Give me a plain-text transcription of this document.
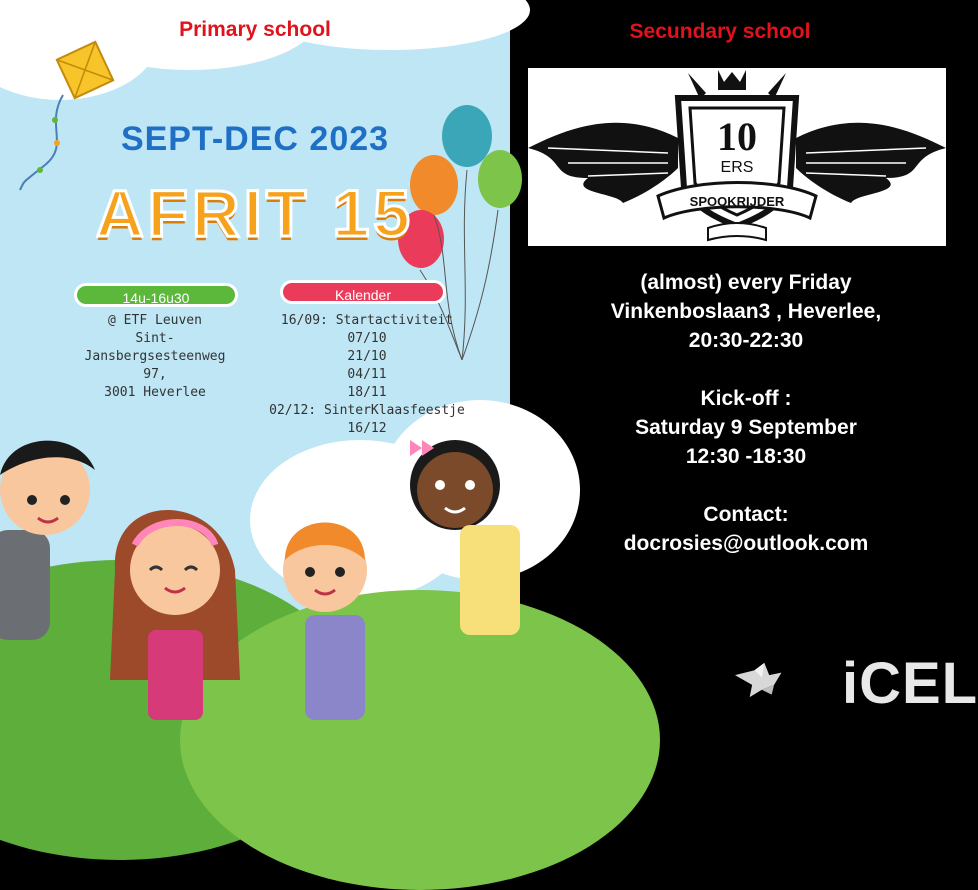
Primary school
SEPT-DEC 2023
AFRIT 15
14u-16u30	Kalender
@ ETF Leuven
Sint-
Jansbergsesteenweg
97,
3001 Heverlee
16/09: Startactiviteit
07/10
21/10
04/11
18/11
02/12: SinterKlaasfeestje
16/12
Secundary school
10
ERS
SPOOKRIJDER
(almost) every Friday
Vinkenboslaan3 , Heverlee,
20:30-22:30
Kick-off :
Saturday 9 September
12:30 -18:30
Contact:
docrosies@outlook.com
iCEL
